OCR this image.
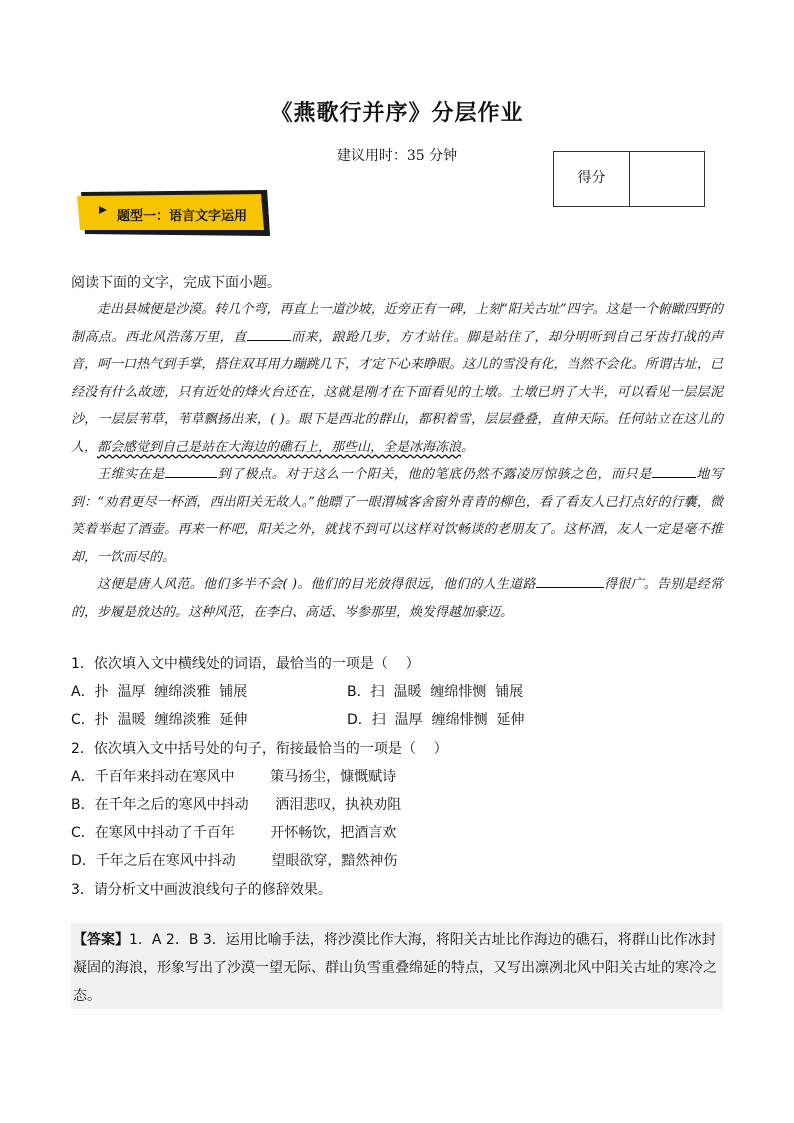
《燕歌行并序》分层作业
建议用时：35 分钟
得分
题型一：语言文字运用
阅读下面的文字，完成下面小题。

走出县城便是沙漠。转几个弯，再直上一道沙坡，近旁正有一碑，上刻“阳关古址”四字。这是一个俯瞰四野的制高点。西北风浩荡万里，直	而来，踉跄几步，方才站住。脚是站住了，却分明听到自己牙齿打战的声音，呵一口热气到手掌，搭住双耳用力蹦跳几下，才定下心来睁眼。这儿的雪没有化，当然不会化。所谓古址，已经没有什么故迹，只有近处的烽火台还在，这就是刚才在下面看见的土墩。土墩已坍了大半，可以看见一层层泥沙，一层层苇草，苇草飘扬出来，( )。眼下是西北的群山，都积着雪，层层叠叠，直伸天际。任何站立在这儿的人，都会感觉到自己是站在大海边的礁石上，那些山，全是冰海冻浪。

王维实在是	到了极点。对于这么一个阳关，他的笔底仍然不露凌厉惊骇之色，而只是	地写到：“劝君更尽一杯酒，西出阳关无故人。”他瞟了一眼渭城客舍窗外青青的柳色，看了看友人已打点好的行囊，微笑着举起了酒壶。再来一杯吧，阳关之外，就找不到可以这样对饮畅谈的老朋友了。这杯酒，友人一定是毫不推却，一饮而尽的。

这便是唐人风范。他们多半不会( )。他们的目光放得很远，他们的人生道路	得很广。告别是经常的，步履是放达的。这种风范，在李白、高适、岑参那里，焕发得越加豪迈。

1．依次填入文中横线处的词语，最恰当的一项是（    ）
A．扑  温厚  缠绵淡雅  铺展	B．扫  温暖  缠绵悱恻  铺展
C．扑  温暖  缠绵淡雅  延伸	D．扫  温厚  缠绵悱恻  延伸
2．依次填入文中括号处的句子，衔接最恰当的一项是（    ）
A．千百年来抖动在寒风中        策马扬尘，慷慨赋诗
B．在千年之后的寒风中抖动      洒泪悲叹，执袂劝阻
C．在寒风中抖动了千百年        开怀畅饮，把酒言欢
D．千年之后在寒风中抖动        望眼欲穿，黯然神伤
3．请分析文中画波浪线句子的修辞效果。
【答案】1．A 2．B 3．运用比喻手法，将沙漠比作大海，将阳关古址比作海边的礁石，将群山比作冰封凝固的海浪，形象写出了沙漠一望无际、群山负雪重叠绵延的特点，又写出凛冽北风中阳关古址的寒冷之态。
